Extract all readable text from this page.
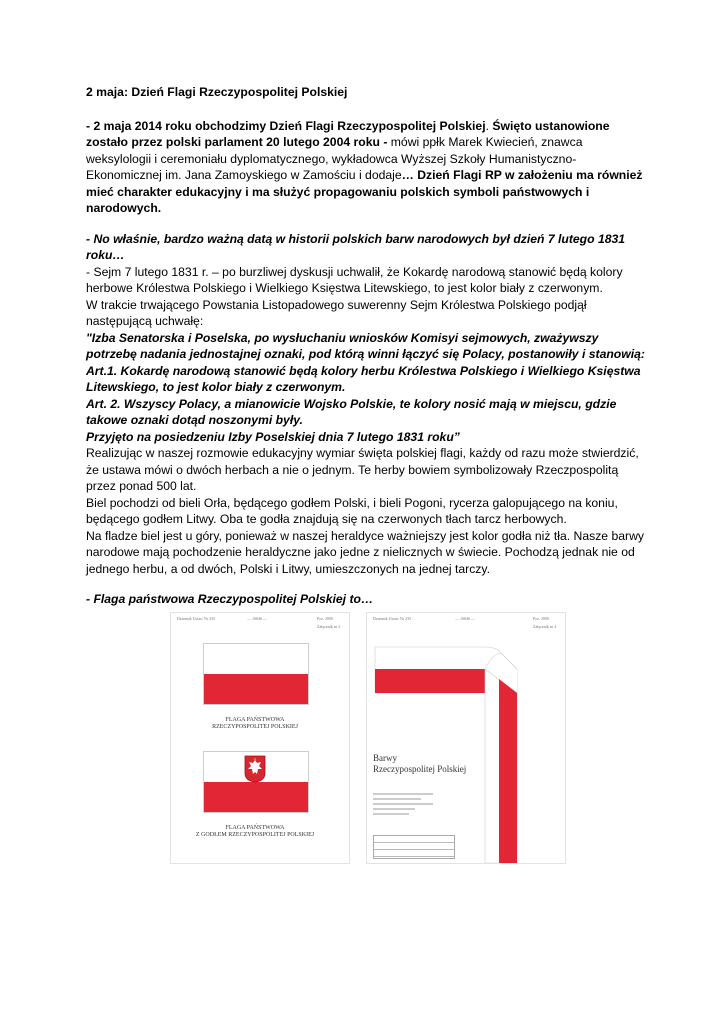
2 maja: Dzień Flagi Rzeczypospolitej Polskiej

- 2 maja 2014 roku obchodzimy Dzień Flagi Rzeczypospolitej Polskiej. Święto ustanowione zostało przez polski parlament 20 lutego 2004 roku - mówi ppłk Marek Kwiecień, znawca weksylologii i ceremoniału dyplomatycznego, wykładowca Wyższej Szkoły Humanistyczno-Ekonomicznej im. Jana Zamoyskiego w Zamościu i dodaje… Dzień Flagi RP w założeniu ma również mieć charakter edukacyjny i ma służyć propagowaniu polskich symboli państwowych i narodowych.

- No właśnie, bardzo ważną datą w historii polskich barw narodowych był dzień 7 lutego 1831 roku…

- Sejm 7 lutego 1831 r. – po burzliwej dyskusji uchwalił, że Kokardę narodową stanowić będą kolory herbowe Królestwa Polskiego i Wielkiego Księstwa Litewskiego, to jest kolor biały z czerwonym.

W trakcie trwającego Powstania Listopadowego suwerenny Sejm Królestwa Polskiego podjął następującą uchwałę:

"Izba Senatorska i Poselska, po wysłuchaniu wniosków Komisyi sejmowych, zważywszy potrzebę nadania jednostajnej oznaki, pod którą winni łączyć się Polacy, postanowiły i stanowią:

Art.1. Kokardę narodową stanowić będą kolory herbu Królestwa Polskiego i Wielkiego Księstwa Litewskiego, to jest kolor biały z czerwonym.

Art. 2. Wszyscy Polacy, a mianowicie Wojsko Polskie, te kolory nosić mają w miejscu, gdzie takowe oznaki dotąd noszonymi były.

Przyjęto na posiedzeniu Izby Poselskiej dnia 7 lutego 1831 roku”

Realizując w naszej rozmowie edukacyjny wymiar święta polskiej flagi, każdy od razu może stwierdzić, że ustawa mówi o dwóch herbach a nie o jednym. Te herby bowiem symbolizowały Rzeczpospolitą przez ponad 500 lat.

Biel pochodzi od bieli Orła, będącego godłem Polski, i bieli Pogoni, rycerza galopującego na koniu, będącego godłem Litwy. Oba te godła znajdują się na czerwonych tłach tarcz herbowych.

Na fladze biel jest u góry, ponieważ w naszej heraldyce ważniejszy jest kolor godła niż tła. Nasze barwy narodowe mają pochodzenie heraldyczne jako jedne z nielicznych w świecie. Pochodzą jednak nie od jednego herbu, a od dwóch, Polski i Litwy, umieszczonych na jednej tarczy.

- Flaga państwowa Rzeczypospolitej Polskiej to…

Dziennik Ustaw Nr 235	— 16046 —	Poz. 2000
Załącznik nr 3
FLAGA PAŃSTWOWA
RZECZYPOSPOLITEJ POLSKIEJ
FLAGA PAŃSTWOWA
Z GODŁEM RZECZYPOSPOLITEJ POLSKIEJ
Dziennik Ustaw Nr 235	— 16046 —	Poz. 2000
Załącznik nr 4
Barwy
Rzeczypospolitej Polskiej
